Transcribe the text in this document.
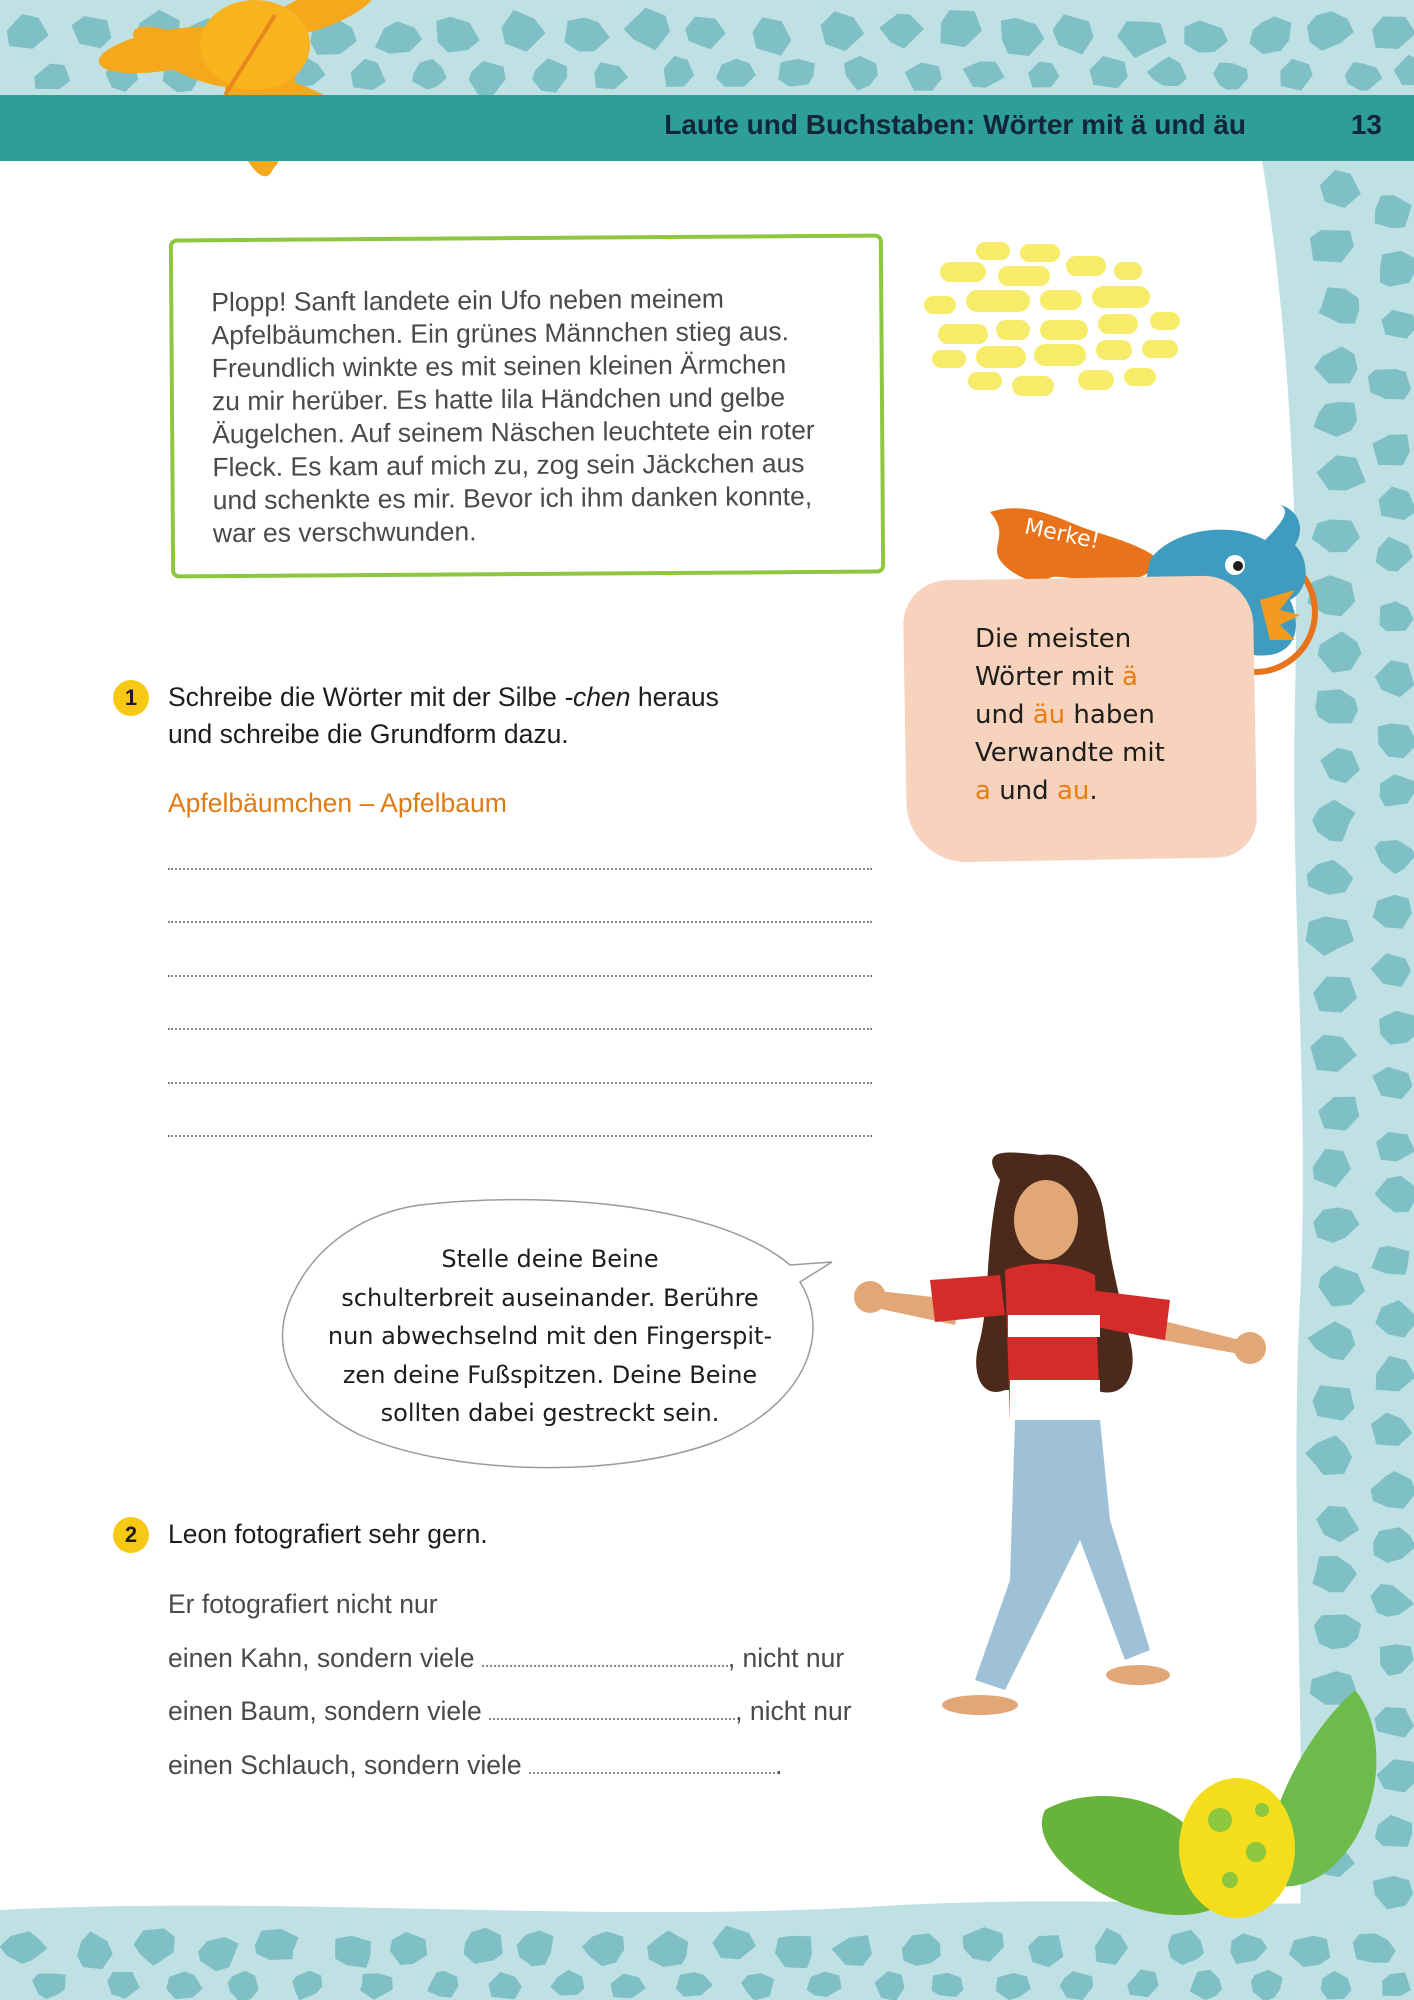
Laute und Buchstaben: Wörter mit ä und äu	13
Plopp! Sanft landete ein Ufo neben meinem
Apfelbäumchen. Ein grünes Männchen stieg aus.
Freundlich winkte es mit seinen kleinen Ärmchen
zu mir herüber. Es hatte lila Händchen und gelbe
Äugelchen. Auf seinem Näschen leuchtete ein roter
Fleck. Es kam auf mich zu, zog sein Jäckchen aus
und schenkte es mir. Bevor ich ihm danken konnte,
war es verschwunden.	Merke!
Die meisten
Wörter mit ä
und äu haben
Verwandte mit
a und au.
1	Schreibe die Wörter mit der Silbe -chen heraus
und schreibe die Grundform dazu.
Apfelbäumchen – Apfelbaum
Stelle deine Beine
schulterbreit auseinander. Berühre
nun abwechselnd mit den Fingerspit-
zen deine Fußspitzen. Deine Beine
sollten dabei gestreckt sein.
2	Leon fotografiert sehr gern.
Er fotografiert nicht nur
einen Kahn, sondern viele	, nicht nur
einen Baum, sondern viele	, nicht nur
einen Schlauch, sondern viele	.
